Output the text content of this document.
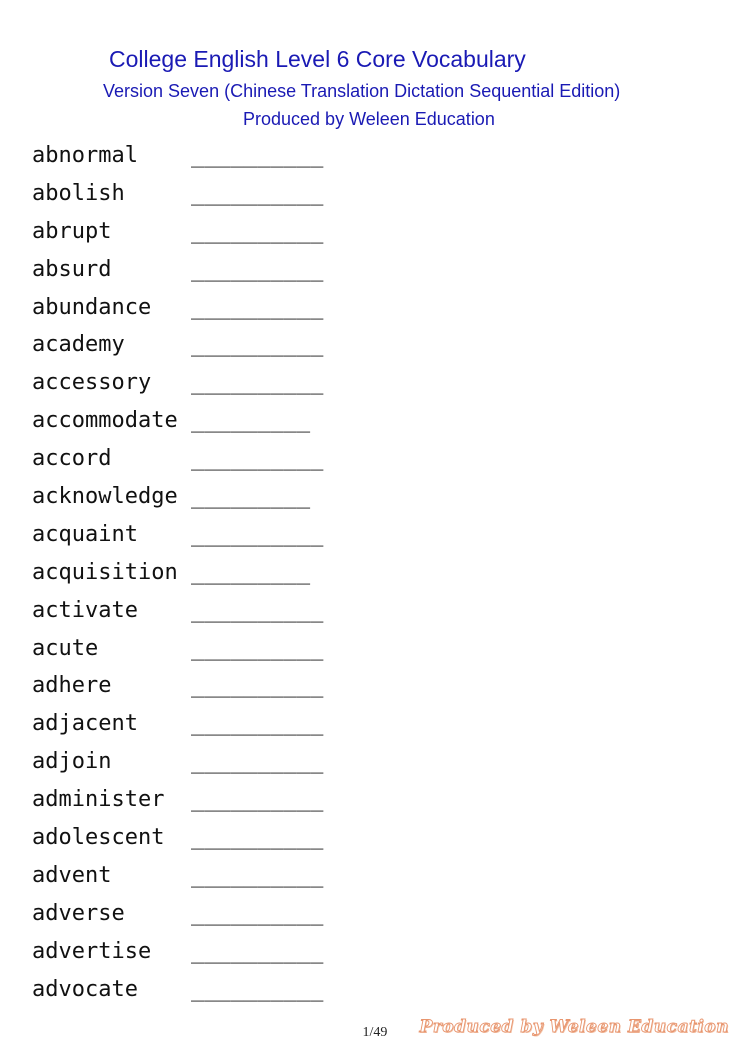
College English Level 6 Core Vocabulary
Version Seven (Chinese Translation Dictation Sequential Edition)
Produced by Weleen Education
abnormal __________
abolish __________
abrupt __________
absurd __________
abundance __________
academy __________
accessory __________
accommodate _________
accord __________
acknowledge _________
acquaint __________
acquisition _________
activate __________
acute __________
adhere __________
adjacent __________
adjoin __________
administer __________
adolescent __________
advent __________
adverse __________
advertise __________
advocate __________
1/49	Produced by Weleen Education
